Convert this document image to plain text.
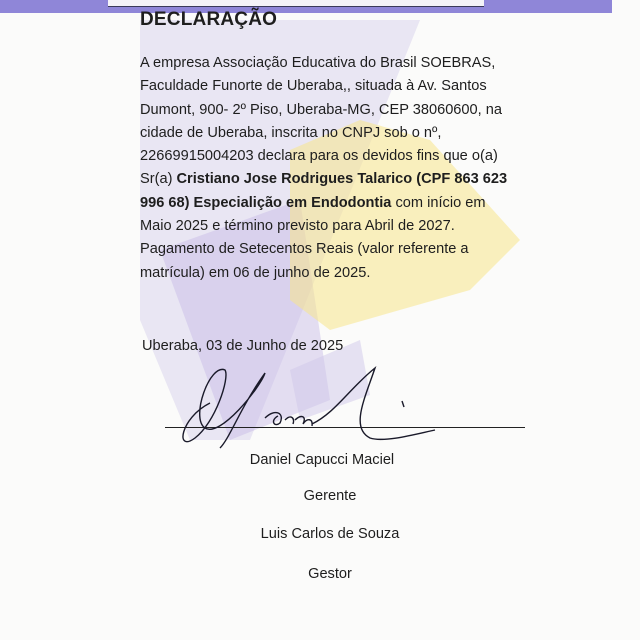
DECLARAÇÃO
A empresa Associação Educativa do Brasil SOEBRAS,
Faculdade Funorte de Uberaba,, situada à Av. Santos
Dumont, 900- 2º Piso, Uberaba-MG, CEP 38060600, na
cidade de Uberaba, inscrita no CNPJ sob o nº,
22669915004203 declara para os devidos fins que o(a)
Sr(a) Cristiano Jose Rodrigues Talarico (CPF 863 623
996 68) Especialição em Endodontia com início em
Maio 2025 e término previsto para Abril de 2027.
Pagamento de Setecentos Reais (valor referente a
matrícula) em 06 de junho de 2025.
Uberaba, 03 de Junho de 2025
Daniel Capucci Maciel
Gerente
Luis Carlos de Souza
Gestor
